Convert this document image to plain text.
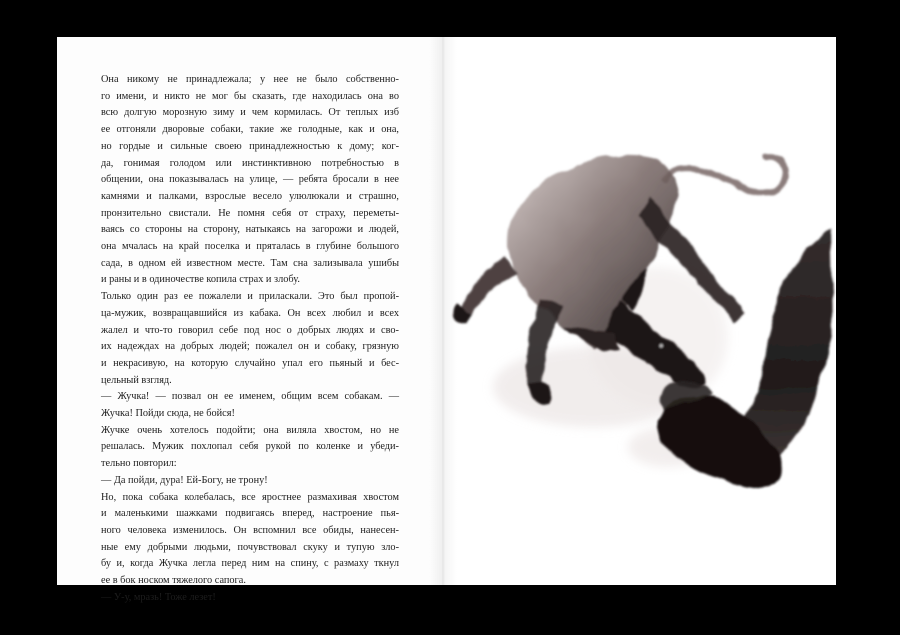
Она никому не принадлежала; у нее не было собственно-
го имени, и никто не мог бы сказать, где находилась она во
всю долгую морозную зиму и чем кормилась. От теплых изб
ее отгоняли дворовые собаки, такие же голодные, как и она,
но гордые и сильные своею принадлежностью к дому; ког-
да, гонимая голодом или инстинктивною потребностью в
общении, она показывалась на улице, — ребята бросали в нее
камнями и палками, взрослые весело улюлюкали и страшно,
пронзительно свистали. Не помня себя от страху, переметы-
ваясь со стороны на сторону, натыкаясь на загорожи и людей,
она мчалась на край поселка и пряталась в глубине большого
сада, в одном ей известном месте. Там сна зализывала ушибы
и раны и в одиночестве копила страх и злобу.
Только один раз ее пожалели и приласкали. Это был пропой-
ца-мужик, возвращавшийся из кабака. Он всех любил и всех
жалел и что-то говорил себе под нос о добрых людях и сво-
их надеждах на добрых людей; пожалел он и собаку, грязную
и некрасивую, на которую случайно упал его пьяный и бес-
цельный взгляд.
— Жучка! — позвал он ее именем, общим всем собакам. —
Жучка! Пойди сюда, не бойся!
Жучке очень хотелось подойти; она виляла хвостом, но не
решалась. Мужик похлопал себя рукой по коленке и убеди-
тельно повторил:
— Да пойди, дура! Ей-Богу, не трону!
Но, пока собака колебалась, все яростнее размахивая хвостом
и маленькими шажками подвигаясь вперед, настроение пья-
ного человека изменилось. Он вспомнил все обиды, нанесен-
ные ему добрыми людьми, почувствовал скуку и тупую зло-
бу и, когда Жучка легла перед ним на спину, с размаху ткнул
ее в бок носком тяжелого сапога.
— У-у, мразь! Тоже лезет!
